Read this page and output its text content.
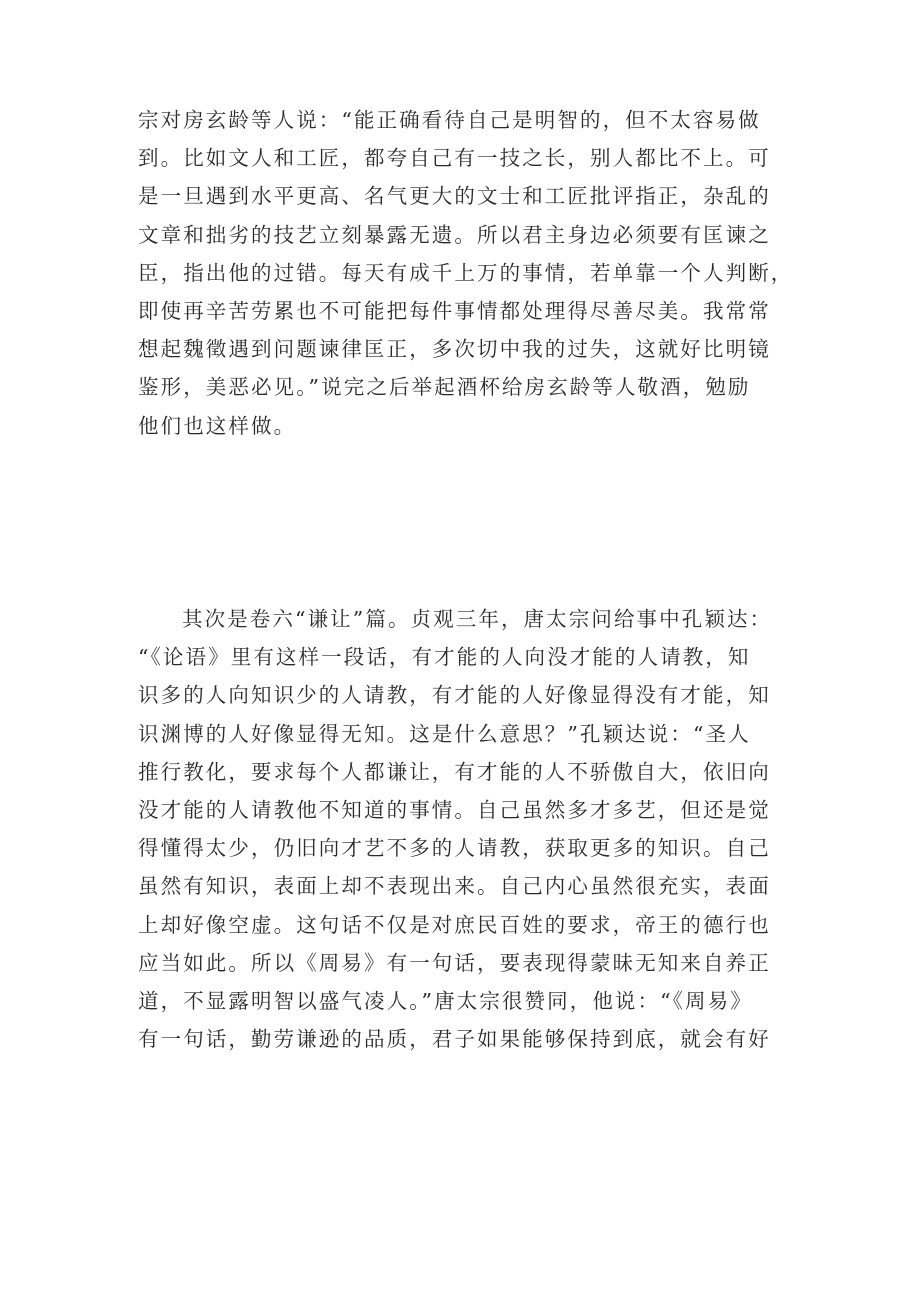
宗对房玄龄等人说：“能正确看待自己是明智的，但不太容易做
到。比如文人和工匠，都夸自己有一技之长，别人都比不上。可
是一旦遇到水平更高、名气更大的文士和工匠批评指正，杂乱的
文章和拙劣的技艺立刻暴露无遗。所以君主身边必须要有匡谏之
臣，指出他的过错。每天有成千上万的事情，若单靠一个人判断，
即使再辛苦劳累也不可能把每件事情都处理得尽善尽美。我常常
想起魏徵遇到问题谏律匡正，多次切中我的过失，这就好比明镜
鉴形，美恶必见。”说完之后举起酒杯给房玄龄等人敬酒，勉励
他们也这样做。
其次是卷六“谦让”篇。贞观三年，唐太宗问给事中孔颖达：
“《论语》里有这样一段话，有才能的人向没才能的人请教，知
识多的人向知识少的人请教，有才能的人好像显得没有才能，知
识渊博的人好像显得无知。这是什么意思？”孔颖达说：“圣人
推行教化，要求每个人都谦让，有才能的人不骄傲自大，依旧向
没才能的人请教他不知道的事情。自己虽然多才多艺，但还是觉
得懂得太少，仍旧向才艺不多的人请教，获取更多的知识。自己
虽然有知识，表面上却不表现出来。自己内心虽然很充实，表面
上却好像空虚。这句话不仅是对庶民百姓的要求，帝王的德行也
应当如此。所以《周易》有一句话，要表现得蒙昧无知来自养正
道，不显露明智以盛气凌人。”唐太宗很赞同，他说：“《周易》
有一句话，勤劳谦逊的品质，君子如果能够保持到底，就会有好
